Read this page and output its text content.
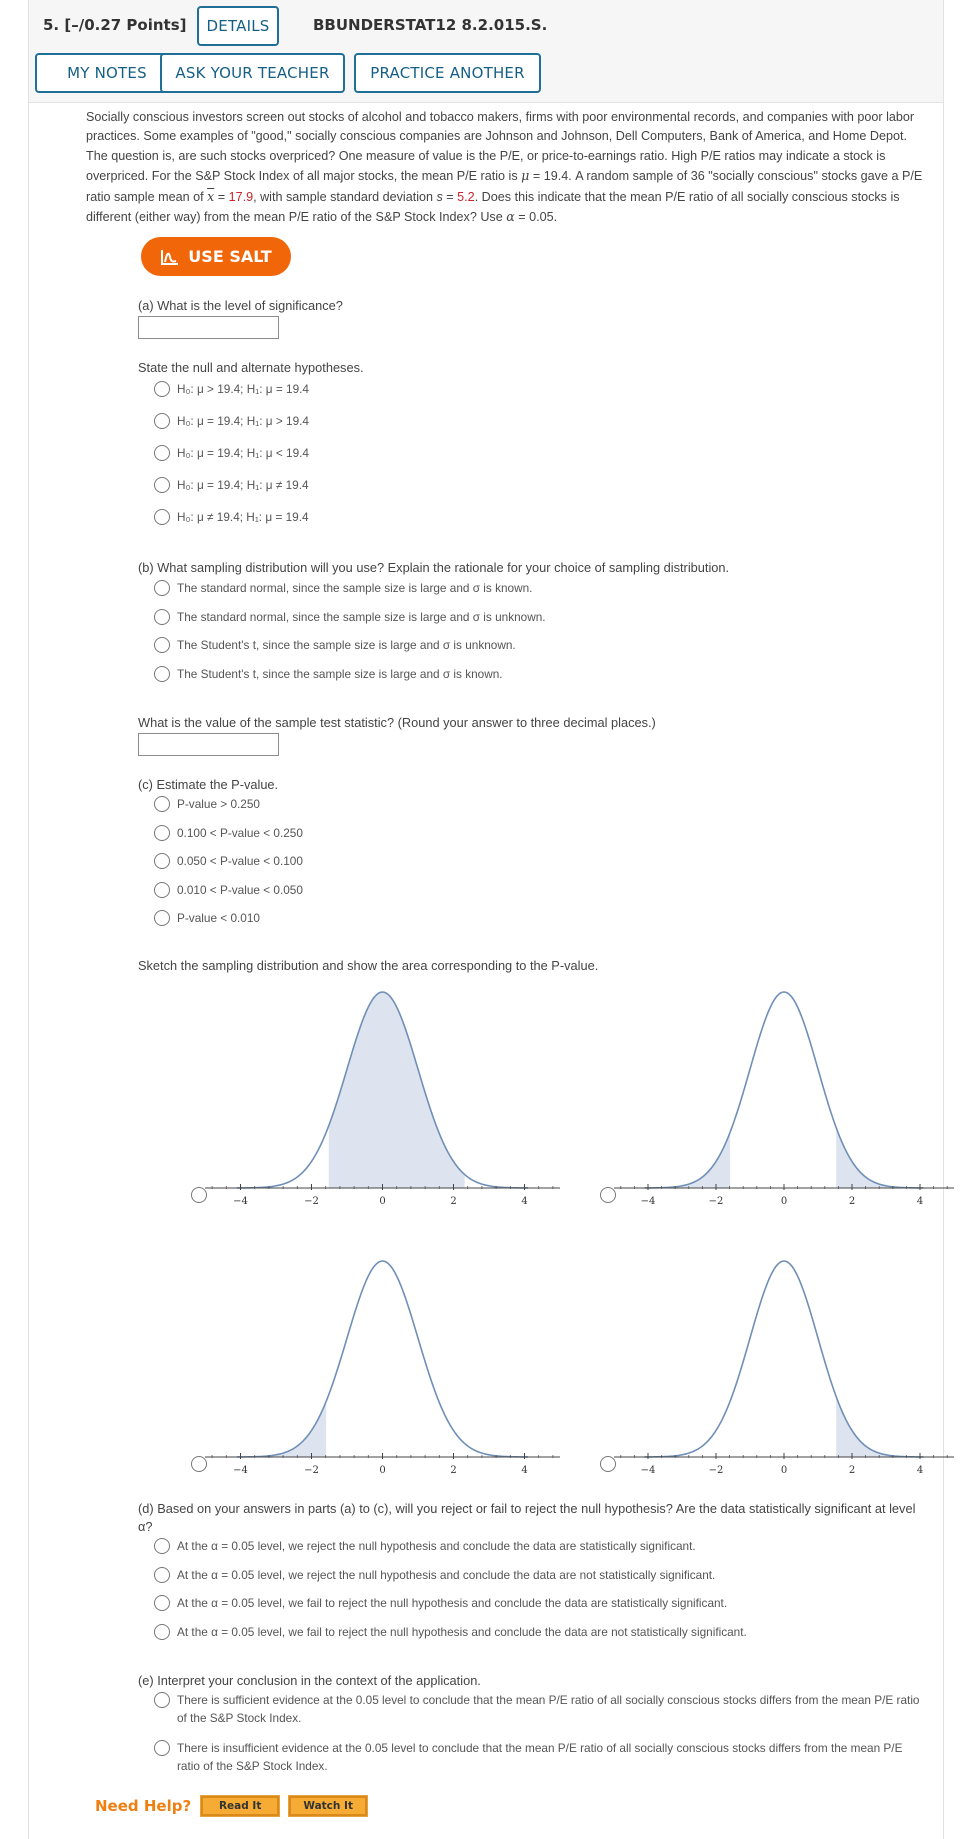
5. [–/0.27 Points]	DETAILS	BBUNDERSTAT12 8.2.015.S.
MY NOTES	ASK YOUR TEACHER	PRACTICE ANOTHER
Socially conscious investors screen out stocks of alcohol and tobacco makers, firms with poor environmental records, and companies with poor labor practices. Some examples of "good," socially conscious companies are Johnson and Johnson, Dell Computers, Bank of America, and Home Depot. The question is, are such stocks overpriced? One measure of value is the P/E, or price-to-earnings ratio. High P/E ratios may indicate a stock is overpriced. For the S&P Stock Index of all major stocks, the mean P/E ratio is μ = 19.4. A random sample of 36 "socially conscious" stocks gave a P/E ratio sample mean of $\overline{x} = 17.9$, with sample standard deviation s = 5.2. Does this indicate that the mean P/E ratio of all socially conscious stocks is different (either way) from the mean P/E ratio of the S&P Stock Index? Use α = 0.05.
USE SALT
(a) What is the level of significance?
State the null and alternate hypotheses.
H₀: μ > 19.4; H₁: μ = 19.4
H₀: μ = 19.4; H₁: μ > 19.4
H₀: μ = 19.4; H₁: μ < 19.4
H₀: μ = 19.4; H₁: μ ≠ 19.4
H₀: μ ≠ 19.4; H₁: μ = 19.4
(b) What sampling distribution will you use? Explain the rationale for your choice of sampling distribution.
The standard normal, since the sample size is large and σ is known.
The standard normal, since the sample size is large and σ is unknown.
The Student's t, since the sample size is large and σ is unknown.
The Student's t, since the sample size is large and σ is known.
What is the value of the sample test statistic? (Round your answer to three decimal places.)
(c) Estimate the P-value.
P-value > 0.250
0.100 < P-value < 0.250
0.050 < P-value < 0.100
0.010 < P-value < 0.050
P-value < 0.010
Sketch the sampling distribution and show the area corresponding to the P-value.
−4	−2	0	2	4	−4	−2	0	2	4
−4	−2	0	2	4	−4	−2	0	2	4
(d) Based on your answers in parts (a) to (c), will you reject or fail to reject the null hypothesis? Are the data statistically significant at level α?
At the α = 0.05 level, we reject the null hypothesis and conclude the data are statistically significant.
At the α = 0.05 level, we reject the null hypothesis and conclude the data are not statistically significant.
At the α = 0.05 level, we fail to reject the null hypothesis and conclude the data are statistically significant.
At the α = 0.05 level, we fail to reject the null hypothesis and conclude the data are not statistically significant.
(e) Interpret your conclusion in the context of the application.
There is sufficient evidence at the 0.05 level to conclude that the mean P/E ratio of all socially conscious stocks differs from the mean P/E ratio of the S&P Stock Index.
There is insufficient evidence at the 0.05 level to conclude that the mean P/E ratio of all socially conscious stocks differs from the mean P/E ratio of the S&P Stock Index.
Need Help?	Read It	Watch It
